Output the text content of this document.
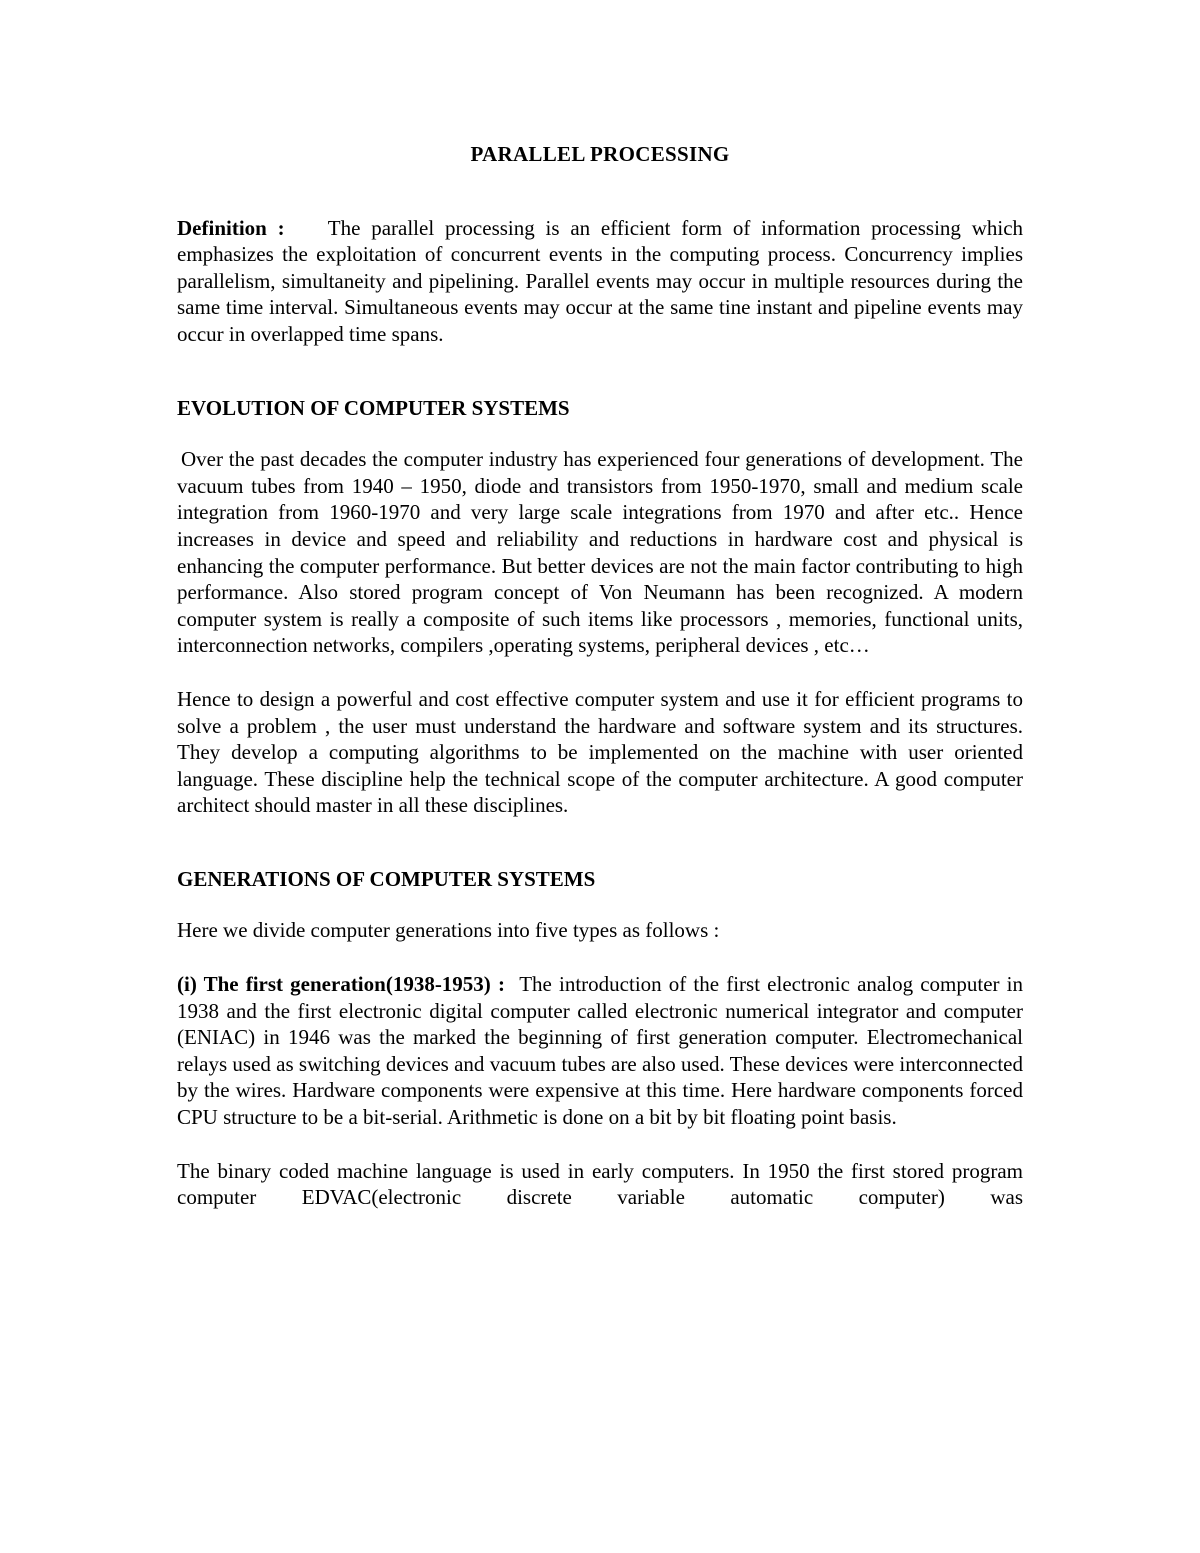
PARALLEL PROCESSING

Definition : The parallel processing is an efficient form of information processing which emphasizes the exploitation of concurrent events in the computing process. Concurrency implies parallelism, simultaneity and pipelining. Parallel events may occur in multiple resources during the same time interval. Simultaneous events may occur at the same tine instant and pipeline events may occur in overlapped time spans.

EVOLUTION OF COMPUTER SYSTEMS

Over the past decades the computer industry has experienced four generations of development. The vacuum tubes from 1940 – 1950, diode and transistors from 1950-1970, small and medium scale integration from 1960-1970 and very large scale integrations from 1970 and after etc.. Hence increases in device and speed and reliability and reductions in hardware cost and physical is enhancing the computer performance. But better devices are not the main factor contributing to high performance. Also stored program concept of Von Neumann has been recognized. A modern computer system is really a composite of such items like processors , memories, functional units, interconnection networks, compilers ,operating systems, peripheral devices , etc…

Hence to design a powerful and cost effective computer system and use it for efficient programs to solve a problem , the user must understand the hardware and software system and its structures. They develop a computing algorithms to be implemented on the machine with user oriented language. These discipline help the technical scope of the computer architecture. A good computer architect should master in all these disciplines.

GENERATIONS OF COMPUTER SYSTEMS

Here we divide computer generations into five types as follows :

(i) The first generation(1938-1953) : The introduction of the first electronic analog computer in 1938 and the first electronic digital computer called electronic numerical integrator and computer (ENIAC) in 1946 was the marked the beginning of first generation computer. Electromechanical relays used as switching devices and vacuum tubes are also used. These devices were interconnected by the wires. Hardware components were expensive at this time. Here hardware components forced CPU structure to be a bit-serial. Arithmetic is done on a bit by bit floating point basis.

The binary coded machine language is used in early computers. In 1950 the first stored program computer EDVAC(electronic discrete variable automatic computer) was
